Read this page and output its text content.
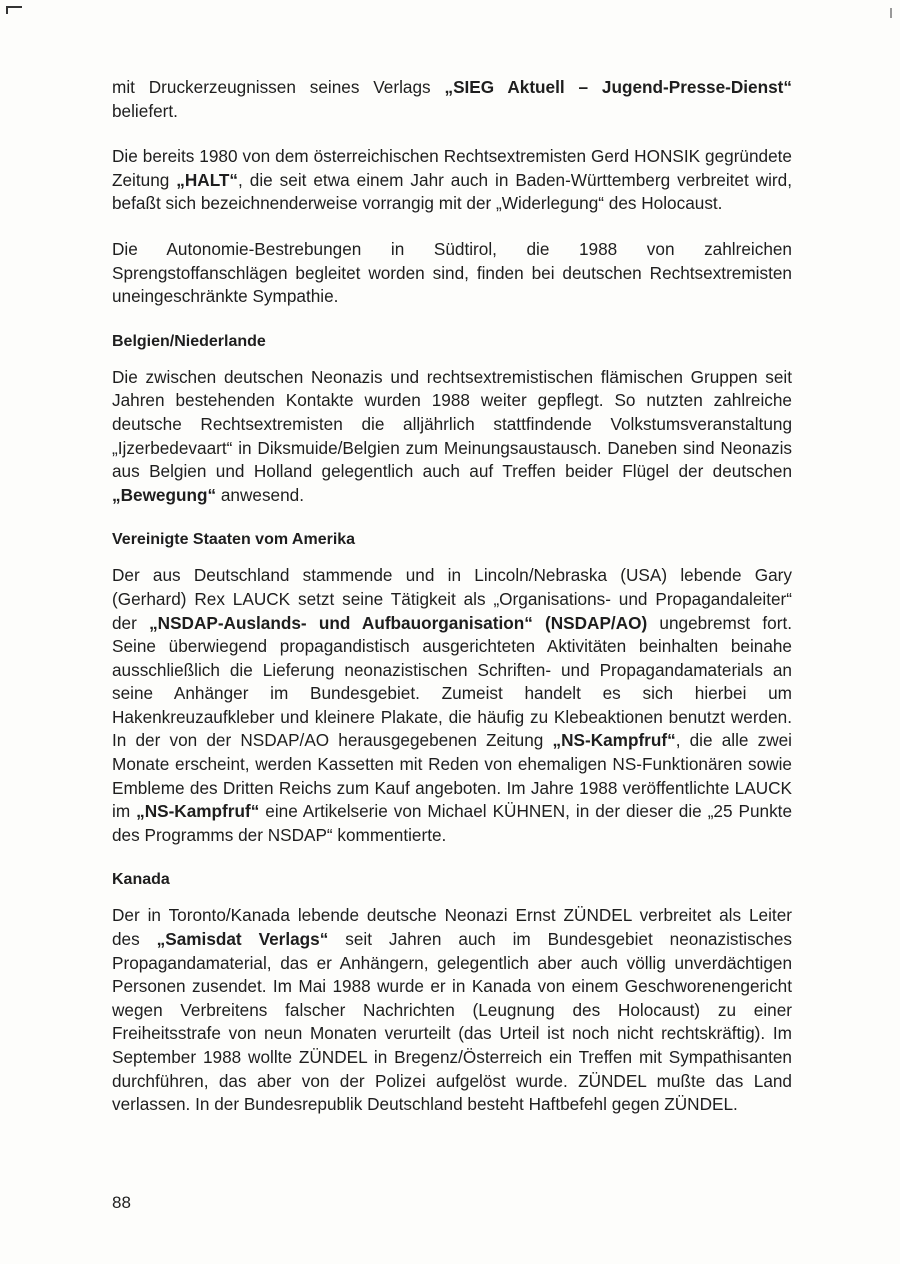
mit Druckerzeugnissen seines Verlags „SIEG Aktuell – Jugend-Presse-Dienst“ beliefert.

Die bereits 1980 von dem österreichischen Rechtsextremisten Gerd HONSIK gegründete Zeitung „HALT“, die seit etwa einem Jahr auch in Baden-Württemberg verbreitet wird, befaßt sich bezeichnenderweise vorrangig mit der „Widerlegung“ des Holocaust.

Die Autonomie-Bestrebungen in Südtirol, die 1988 von zahlreichen Sprengstoffanschlägen begleitet worden sind, finden bei deutschen Rechtsextremisten uneingeschränkte Sympathie.

Belgien/Niederlande

Die zwischen deutschen Neonazis und rechtsextremistischen flämischen Gruppen seit Jahren bestehenden Kontakte wurden 1988 weiter gepflegt. So nutzten zahlreiche deutsche Rechtsextremisten die alljährlich stattfindende Volkstumsveranstaltung „Ijzerbedevaart“ in Diksmuide/Belgien zum Meinungsaustausch. Daneben sind Neonazis aus Belgien und Holland gelegentlich auch auf Treffen beider Flügel der deutschen „Bewegung“ anwesend.

Vereinigte Staaten vom Amerika

Der aus Deutschland stammende und in Lincoln/Nebraska (USA) lebende Gary (Gerhard) Rex LAUCK setzt seine Tätigkeit als „Organisations- und Propagandaleiter“ der „NSDAP-Auslands- und Aufbauorganisation“ (NSDAP/AO) ungebremst fort. Seine überwiegend propagandistisch ausgerichteten Aktivitäten beinhalten beinahe ausschließlich die Lieferung neonazistischen Schriften- und Propagandamaterials an seine Anhänger im Bundesgebiet. Zumeist handelt es sich hierbei um Hakenkreuzaufkleber und kleinere Plakate, die häufig zu Klebeaktionen benutzt werden. In der von der NSDAP/AO herausgegebenen Zeitung „NS-Kampfruf“, die alle zwei Monate erscheint, werden Kassetten mit Reden von ehemaligen NS-Funktionären sowie Embleme des Dritten Reichs zum Kauf angeboten. Im Jahre 1988 veröffentlichte LAUCK im „NS-Kampfruf“ eine Artikelserie von Michael KÜHNEN, in der dieser die „25 Punkte des Programms der NSDAP“ kommentierte.

Kanada

Der in Toronto/Kanada lebende deutsche Neonazi Ernst ZÜNDEL verbreitet als Leiter des „Samisdat Verlags“ seit Jahren auch im Bundesgebiet neonazistisches Propagandamaterial, das er Anhängern, gelegentlich aber auch völlig unverdächtigen Personen zusendet. Im Mai 1988 wurde er in Kanada von einem Geschworenengericht wegen Verbreitens falscher Nachrichten (Leugnung des Holocaust) zu einer Freiheitsstrafe von neun Monaten verurteilt (das Urteil ist noch nicht rechtskräftig). Im September 1988 wollte ZÜNDEL in Bregenz/Österreich ein Treffen mit Sympathisanten durchführen, das aber von der Polizei aufgelöst wurde. ZÜNDEL mußte das Land verlassen. In der Bundesrepublik Deutschland besteht Haftbefehl gegen ZÜNDEL.

88
